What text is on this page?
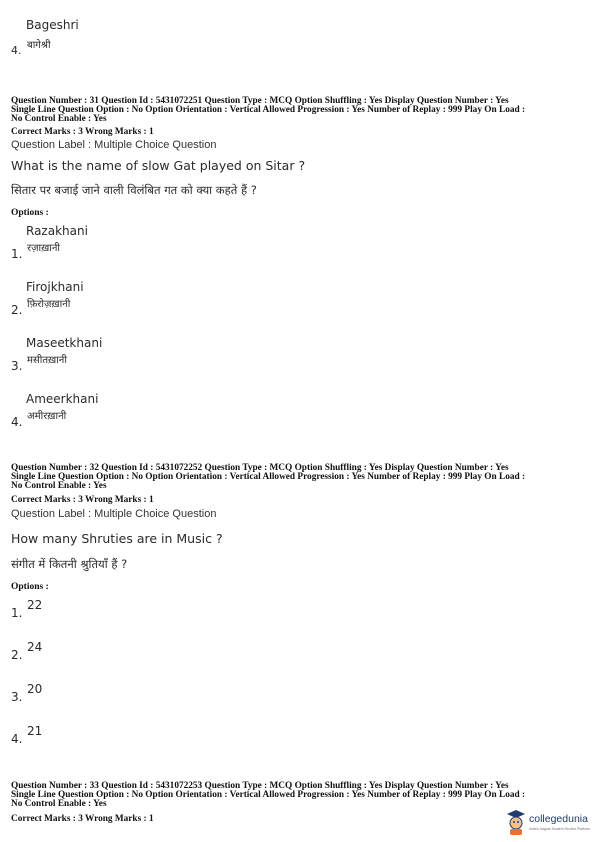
Bageshri
4. बागेश्री
Question Number : 31 Question Id : 5431072251 Question Type : MCQ Option Shuffling : Yes Display Question Number : Yes
Single Line Question Option : No Option Orientation : Vertical Allowed Progression : Yes Number of Replay : 999 Play On Load :
No Control Enable : Yes
Correct Marks : 3 Wrong Marks : 1
Question Label : Multiple Choice Question
What is the name of slow Gat played on Sitar ?
सितार पर बजाई जाने वाली विलंबित गत को क्या कहते हैं ?
Options :
Razakhani
1. रज़ाख़ानी
Firojkhani
2. फ़िरोज़ख़ानी
Maseetkhani
3. मसीतख़ानी
Ameerkhani
4. अमीरख़ानी
Question Number : 32 Question Id : 5431072252 Question Type : MCQ Option Shuffling : Yes Display Question Number : Yes
Single Line Question Option : No Option Orientation : Vertical Allowed Progression : Yes Number of Replay : 999 Play On Load :
No Control Enable : Yes
Correct Marks : 3 Wrong Marks : 1
Question Label : Multiple Choice Question
How many Shruties are in Music ?
संगीत में कितनी श्रुतियाँ हैं ?
Options :
1.
22
2.
24
3.
20
4.
21
Question Number : 33 Question Id : 5431072253 Question Type : MCQ Option Shuffling : Yes Display Question Number : Yes
Single Line Question Option : No Option Orientation : Vertical Allowed Progression : Yes Number of Replay : 999 Play On Load :
No Control Enable : Yes
Correct Marks : 3 Wrong Marks : 1	collegedunia
India's largest Student Review Platform
